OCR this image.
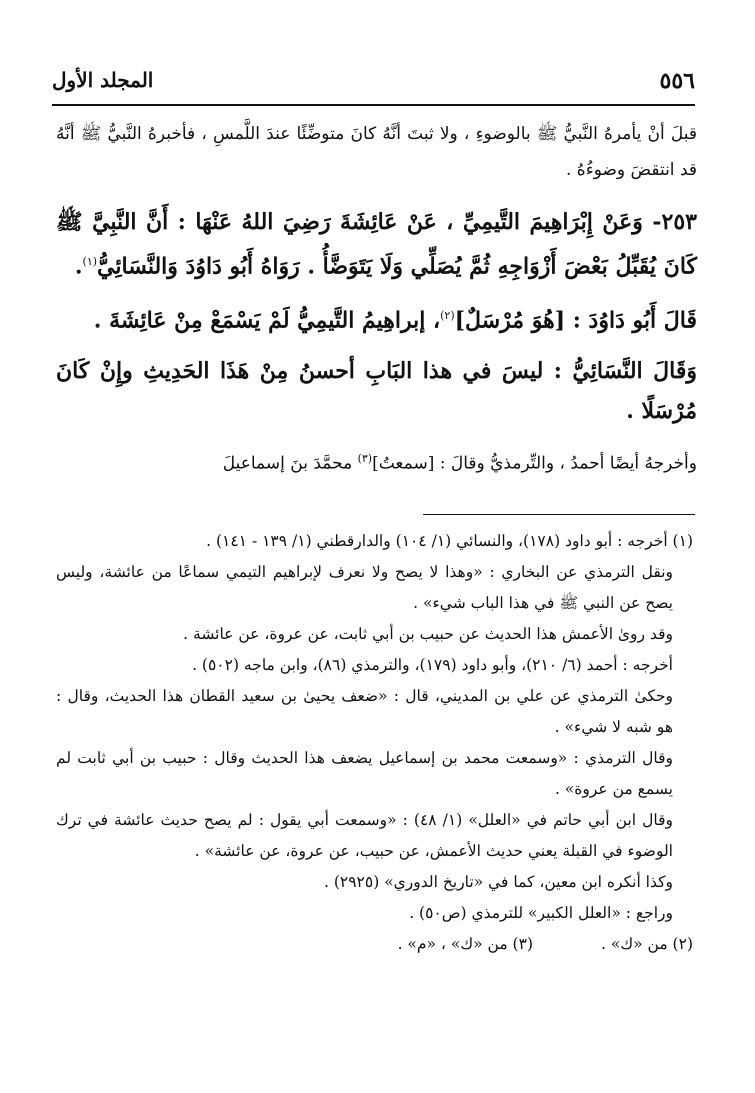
٥٥٦
المجلد الأول

قبلَ أنْ يأمرهُ النَّبيُّ ﷺ بالوضوءِ ، ولا ثبتَ أنَّهُ كانَ متوضِّئًا عندَ اللَّمسِ ، فأخبرهُ النَّبيُّ ﷺ أنَّهُ قد انتقضَ وضوءُهُ .

٢٥٣- وَعَنْ إِبْرَاهِيمَ التَّيمِيِّ ، عَنْ عَائِشَةَ رَضِيَ اللهُ عَنْهَا : أَنَّ النَّبِيَّ ﷺ كَانَ يُقَبِّلُ بَعْضَ أَزْوَاجِهِ ثُمَّ يُصَلِّي وَلَا يَتَوَضَّأُ . رَوَاهُ أَبُو دَاوُدَ وَالنَّسَائِيُّ$^{(١)}$.

قَالَ أَبُو دَاوُدَ : [هُوَ مُرْسَلٌ]$^{(٢)}$، إبراهِيمُ التَّيمِيُّ لَمْ يَسْمَعْ مِنْ عَائِشَةَ .

وَقَالَ النَّسَائِيُّ : ليسَ في هذا البَابِ أحسنُ مِنْ هَذَا الحَدِيثِ وإِنْ كَانَ مُرْسَلًا .

وأخرجهُ أيضًا أحمدُ ، والتِّرمذيُّ وقالَ : [سمعتُ]$^{(٣)}$ محمَّدَ بنَ إسماعيلَ

(١) أخرجه : أبو داود (١٧٨)، والنسائي (١/ ١٠٤) والدارقطني (١/ ١٣٩ - ١٤١) .

ونقل الترمذي عن البخاري : «وهذا لا يصح ولا نعرف لإبراهيم التيمي سماعًا من عائشة، وليس يصح عن النبي ﷺ في هذا الباب شيء» .

وقد روىٰ الأعمش هذا الحديث عن حبيب بن أبي ثابت، عن عروة، عن عائشة .

أخرجه : أحمد (٦/ ٢١٠)، وأبو داود (١٧٩)، والترمذي (٨٦)، وابن ماجه (٥٠٢) .

وحكىٰ الترمذي عن علي بن المديني، قال : «ضعف يحيىٰ بن سعيد القطان هذا الحديث، وقال : هو شبه لا شيء» .

وقال الترمذي : «وسمعت محمد بن إسماعيل يضعف هذا الحديث وقال : حبيب بن أبي ثابت لم يسمع من عروة» .

وقال ابن أبي حاتم في «العلل» (١/ ٤٨) : «وسمعت أبي يقول : لم يصح حديث عائشة في ترك الوضوء في القبلة يعني حديث الأعمش، عن حبيب، عن عروة، عن عائشة» .

وكذا أنكره ابن معين، كما في «تاريخ الدوري» (٢٩٢٥) .

وراجع : «العلل الكبير» للترمذي (ص٥٠) .

(٢) من «ك» .
(٣) من «ك» ، «م» .
